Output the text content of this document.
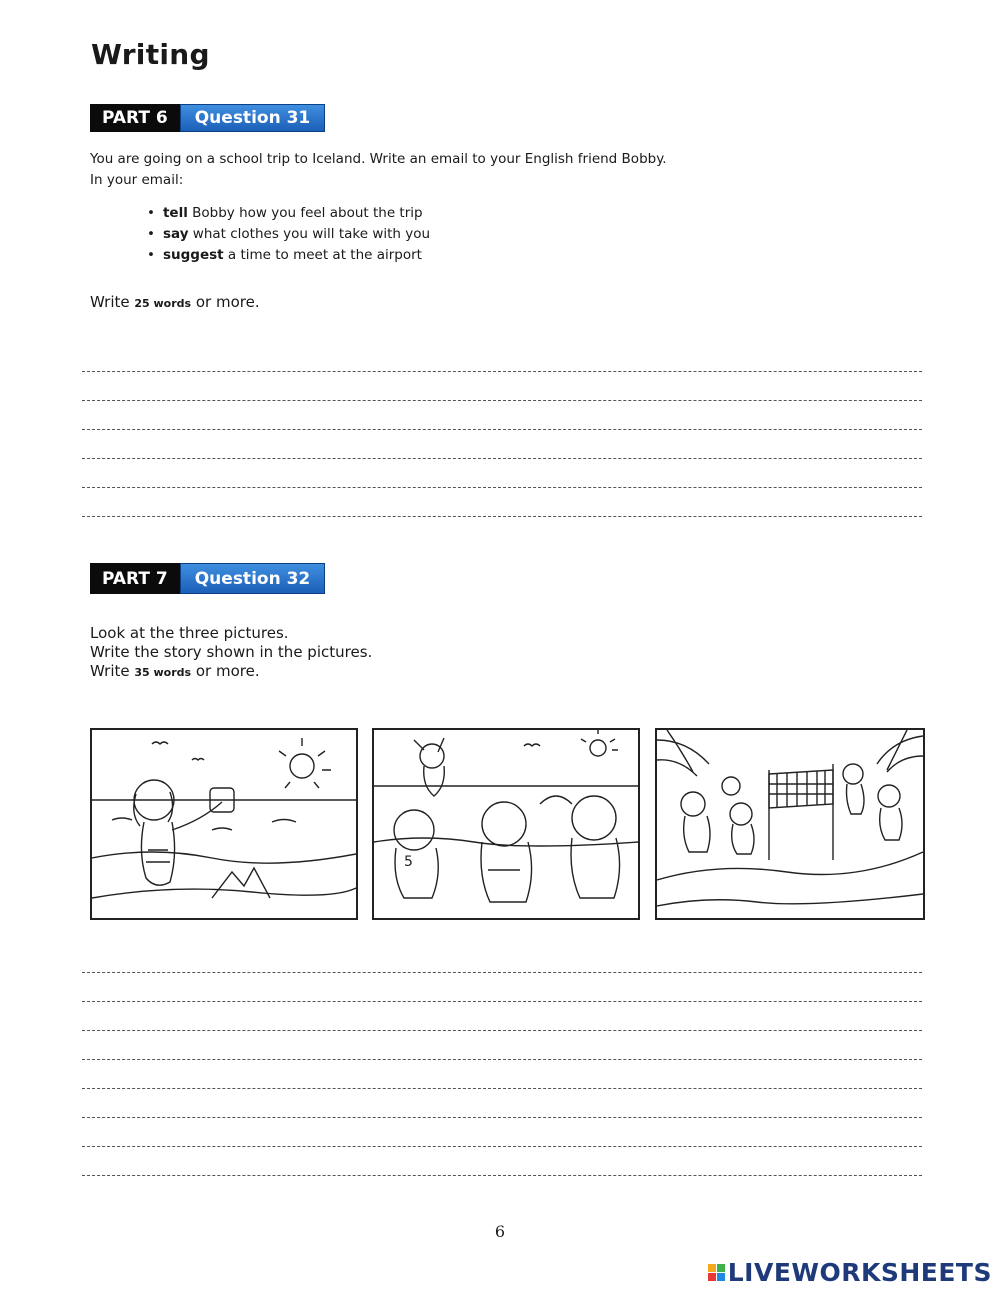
Writing
PART 6	Question 31
You are going on a school trip to Iceland. Write an email to your English friend Bobby.
In your email:
• tell Bobby how you feel about the trip
• say what clothes you will take with you
• suggest a time to meet at the airport
Write 25 words or more.
PART 7	Question 32
Look at the three pictures.
Write the story shown in the pictures.
Write 35 words or more.
5
6
LIVEWORKSHEETS
